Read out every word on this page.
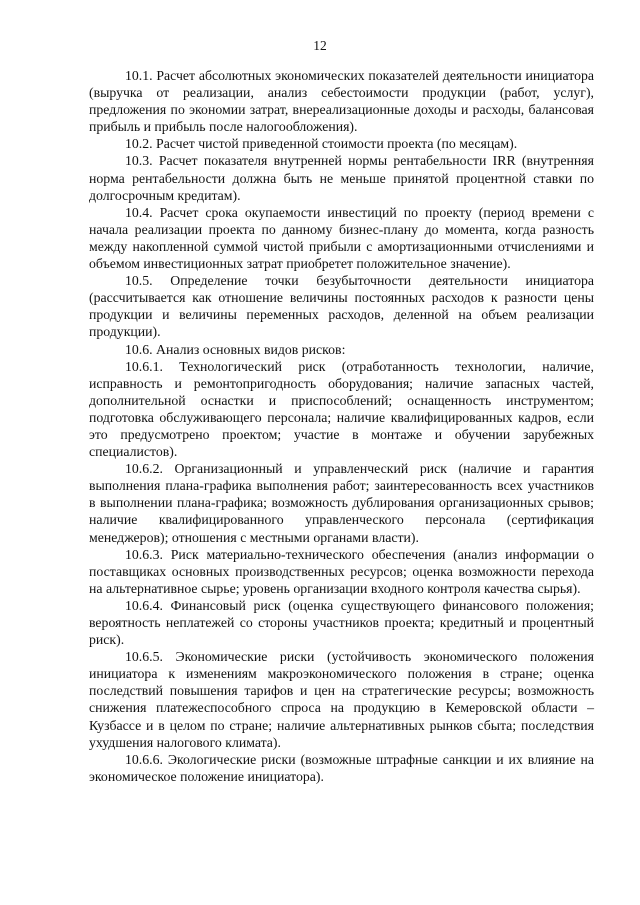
12

10.1. Расчет абсолютных экономических показателей деятельности инициатора (выручка от реализации, анализ себестоимости продукции (работ, услуг), предложения по экономии затрат, внереализационные доходы и расходы, балансовая прибыль и прибыль после налогообложения).

10.2. Расчет чистой приведенной стоимости проекта (по месяцам).

10.3. Расчет показателя внутренней нормы рентабельности IRR (внутренняя норма рентабельности должна быть не меньше принятой процентной ставки по долгосрочным кредитам).

10.4. Расчет срока окупаемости инвестиций по проекту (период времени с начала реализации проекта по данному бизнес-плану до момента, когда разность между накопленной суммой чистой прибыли с амортизационными отчислениями и объемом инвестиционных затрат приобретет положительное значение).

10.5. Определение точки безубыточности деятельности инициатора (рассчитывается как отношение величины постоянных расходов к разности цены продукции и величины переменных расходов, деленной на объем реализации продукции).

10.6. Анализ основных видов рисков:

10.6.1. Технологический риск (отработанность технологии, наличие, исправность и ремонтопригодность оборудования; наличие запасных частей, дополнительной оснастки и приспособлений; оснащенность инструментом; подготовка обслуживающего персонала; наличие квалифицированных кадров, если это предусмотрено проектом; участие в монтаже и обучении зарубежных специалистов).

10.6.2. Организационный и управленческий риск (наличие и гарантия выполнения плана-графика выполнения работ; заинтересованность всех участников в выполнении плана-графика; возможность дублирования организационных срывов; наличие квалифицированного управленческого персонала (сертификация менеджеров); отношения с местными органами власти).

10.6.3. Риск материально-технического обеспечения (анализ информации о поставщиках основных производственных ресурсов; оценка возможности перехода на альтернативное сырье; уровень организации входного контроля качества сырья).

10.6.4. Финансовый риск (оценка существующего финансового положения; вероятность неплатежей со стороны участников проекта; кредитный и процентный риск).

10.6.5. Экономические риски (устойчивость экономического положения инициатора к изменениям макроэкономического положения в стране; оценка последствий повышения тарифов и цен на стратегические ресурсы; возможность снижения платежеспособного спроса на продукцию в Кемеровской области – Кузбассе и в целом по стране; наличие альтернативных рынков сбыта; последствия ухудшения налогового климата).

10.6.6. Экологические риски (возможные штрафные санкции и их влияние на экономическое положение инициатора).
